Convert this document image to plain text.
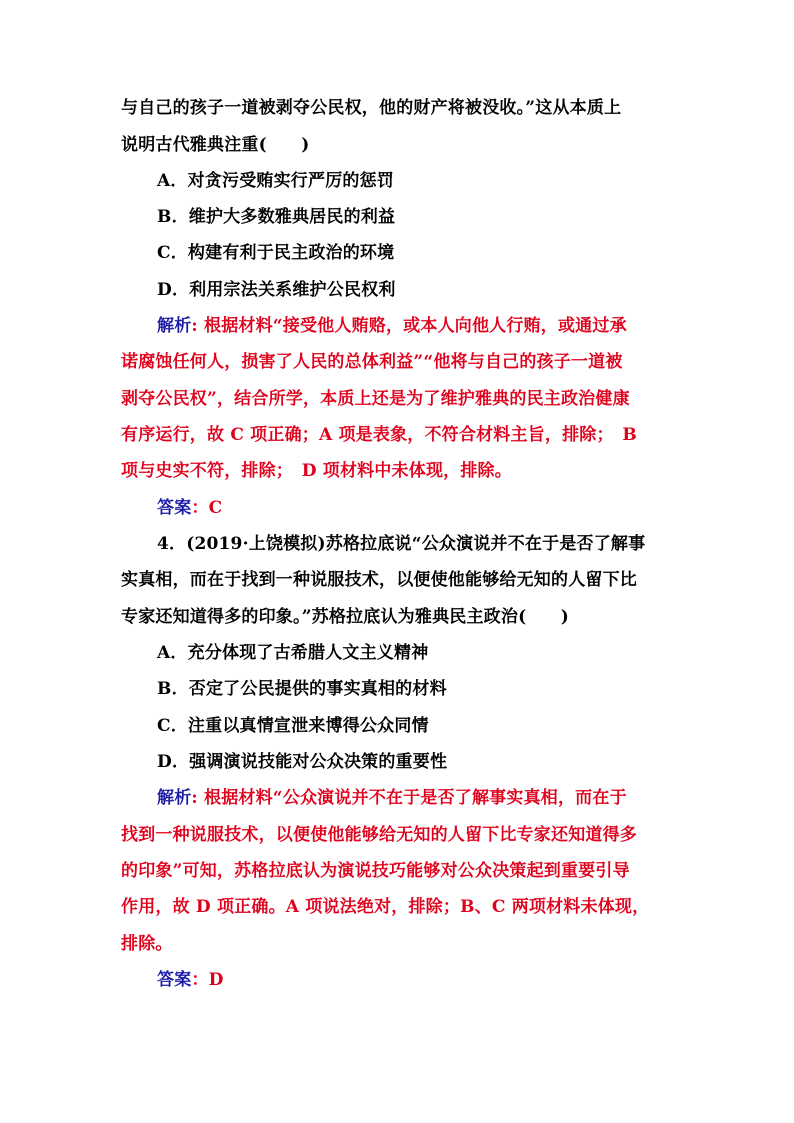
与自己的孩子一道被剥夺公民权，他的财产将被没收。”这从本质上
说明古代雅典注重(　　)
A．对贪污受贿实行严厉的惩罚
B．维护大多数雅典居民的利益
C．构建有利于民主政治的环境
D．利用宗法关系维护公民权利
解析: 根据材料“接受他人贿赂，或本人向他人行贿，或通过承
诺腐蚀任何人，损害了人民的总体利益”“他将与自己的孩子一道被
剥夺公民权”，结合所学，本质上还是为了维护雅典的民主政治健康
有序运行，故 C 项正确；A 项是表象，不符合材料主旨，排除；　B
项与史实不符，排除；　D 项材料中未体现，排除。
答案：C
4．(2019·上饶模拟)苏格拉底说“公众演说并不在于是否了解事
实真相，而在于找到一种说服技术，以便使他能够给无知的人留下比
专家还知道得多的印象。”苏格拉底认为雅典民主政治(　　)
A．充分体现了古希腊人文主义精神
B．否定了公民提供的事实真相的材料
C．注重以真情宣泄来博得公众同情
D．强调演说技能对公众决策的重要性
解析: 根据材料“公众演说并不在于是否了解事实真相，而在于
找到一种说服技术，以便使他能够给无知的人留下比专家还知道得多
的印象”可知，苏格拉底认为演说技巧能够对公众决策起到重要引导
作用，故 D 项正确。A 项说法绝对，排除；B、C 两项材料未体现，
排除。
答案：D
